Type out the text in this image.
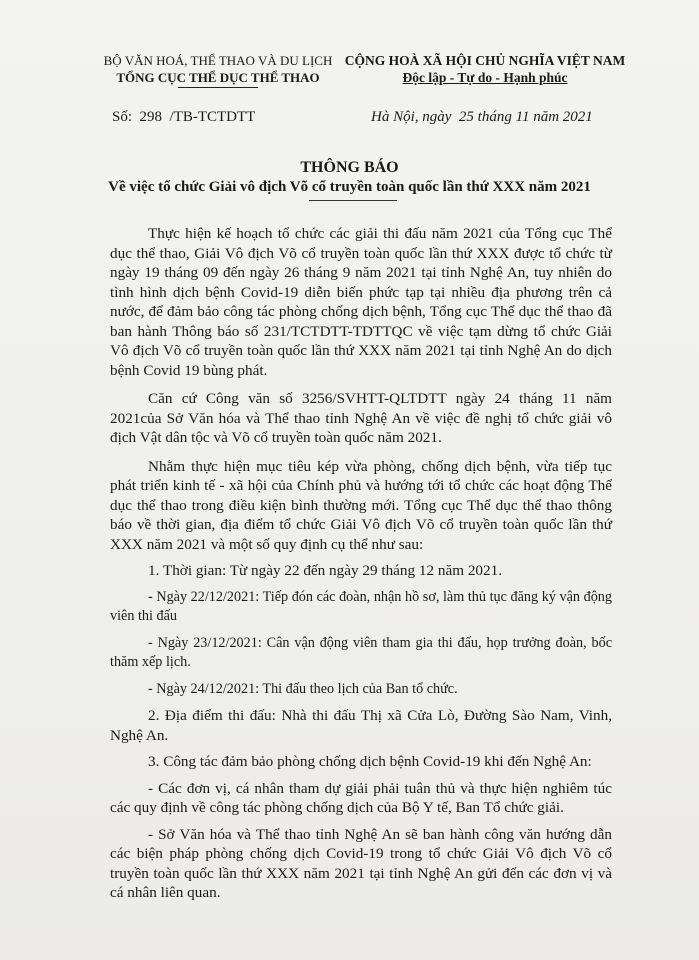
BỘ VĂN HOÁ, THỂ THAO VÀ DU LỊCH
TỔNG CỤC THỂ DỤC THỂ THAO
CỘNG HOÀ XÃ HỘI CHỦ NGHĨA VIỆT NAM
Độc lập - Tự do - Hạnh phúc
Số:  298  /TB-TCTDTT	Hà Nội, ngày  25 tháng 11 năm 2021
THÔNG BÁO
Về việc tổ chức Giải vô địch Võ cổ truyền toàn quốc lần thứ XXX năm 2021

Thực hiện kế hoạch tổ chức các giải thi đấu năm 2021 của Tổng cục Thể dục thể thao, Giải Vô địch Võ cổ truyền toàn quốc lần thứ XXX được tổ chức từ ngày 19 tháng 09 đến ngày 26 tháng 9 năm 2021 tại tỉnh Nghệ An, tuy nhiên do tình hình dịch bệnh Covid-19 diễn biến phức tạp tại nhiều địa phương trên cả nước, để đảm bảo công tác phòng chống dịch bệnh, Tổng cục Thể dục thể thao đã ban hành Thông báo số 231/TCTDTT-TDTTQC về việc tạm dừng tổ chức Giải Vô địch Võ cổ truyền toàn quốc lần thứ XXX năm 2021 tại tỉnh Nghệ An do dịch bệnh Covid 19 bùng phát.

Căn cứ Công văn số 3256/SVHTT-QLTDTT ngày 24 tháng 11 năm 2021của Sở Văn hóa và Thể thao tỉnh Nghệ An về việc đề nghị tổ chức giải vô địch Vật dân tộc và Võ cổ truyền toàn quốc năm 2021.

Nhằm thực hiện mục tiêu kép vừa phòng, chống dịch bệnh, vừa tiếp tục phát triển kinh tế - xã hội của Chính phủ và hướng tới tổ chức các hoạt động Thể dục thể thao trong điều kiện bình thường mới. Tổng cục Thể dục thể thao thông báo về thời gian, địa điểm tổ chức Giải Vô địch Võ cổ truyền toàn quốc lần thứ XXX năm 2021 và một số quy định cụ thể như sau:

1. Thời gian: Từ ngày 22 đến ngày 29 tháng 12 năm 2021.

- Ngày 22/12/2021: Tiếp đón các đoàn, nhận hồ sơ, làm thủ tục đăng ký vận động viên thi đấu

- Ngày 23/12/2021: Cân vận động viên tham gia thi đấu, họp trưởng đoàn, bốc thăm xếp lịch.

- Ngày 24/12/2021: Thi đấu theo lịch của Ban tổ chức.

2. Địa điểm thi đấu: Nhà thi đấu Thị xã Cửa Lò, Đường Sào Nam, Vinh, Nghệ An.

3. Công tác đảm bảo phòng chống dịch bệnh Covid-19 khi đến Nghệ An:

- Các đơn vị, cá nhân tham dự giải phải tuân thủ và thực hiện nghiêm túc các quy định về công tác phòng chống dịch của Bộ Y tế, Ban Tổ chức giải.

- Sở Văn hóa và Thể thao tỉnh Nghệ An sẽ ban hành công văn hướng dẫn các biện pháp phòng chống dịch Covid-19 trong tổ chức Giải Vô địch Võ cổ truyền toàn quốc lần thứ XXX năm 2021 tại tỉnh Nghệ An gửi đến các đơn vị và cá nhân liên quan.
